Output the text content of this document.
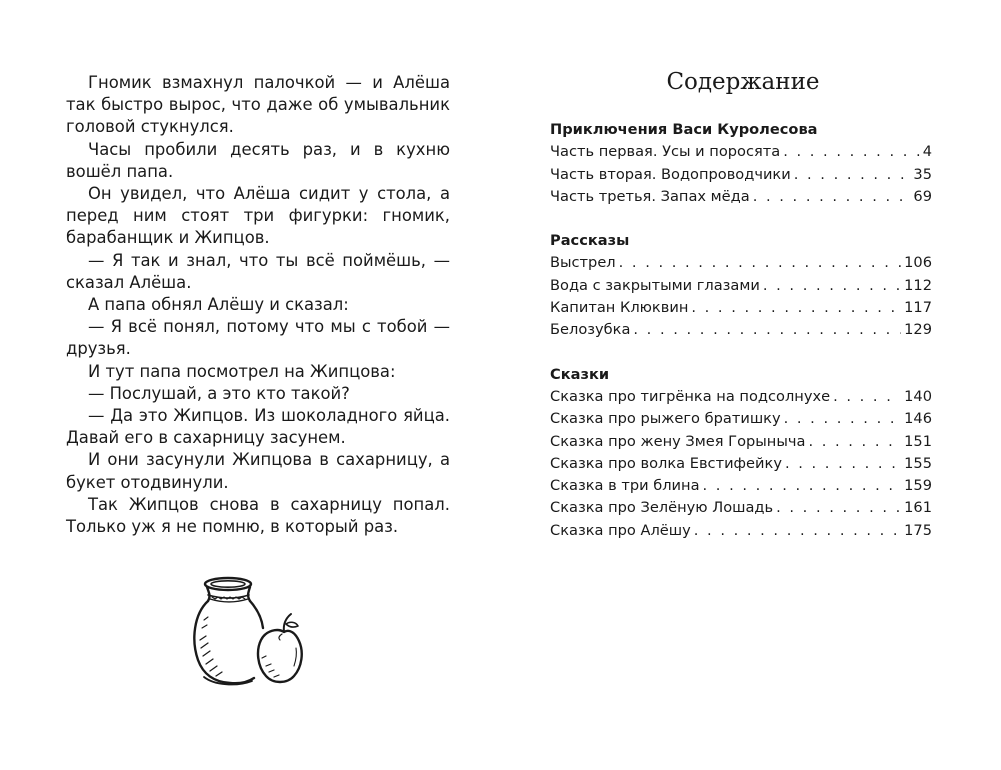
Гномик взмахнул палочкой — и Алёша так быстро вырос, что даже об умывальник головой стукнулся.

Часы пробили десять раз, и в кухню вошёл папа.

Он увидел, что Алёша сидит у стола, а перед ним стоят три фигурки: гномик, барабанщик и Жипцов.

— Я так и знал, что ты всё поймёшь, — сказал Алёша.

А папа обнял Алёшу и сказал:

— Я всё понял, потому что мы с тобой — друзья.

И тут папа посмотрел на Жипцова:

— Послушай, а это кто такой?

— Да это Жипцов. Из шоколадного яйца. Давай его в сахарницу засунем.

И они засунули Жипцова в сахарницу, а букет отодвинули.

Так Жипцов снова в сахарницу попал. Только уж я не помню, в который раз.

Содержание
Приключения Васи Куролесова
Часть первая. Усы и поросята . . .	4
Часть вторая. Водопроводчики . . .	35
Часть третья. Запах мёда . . .	69
Рассказы
Выстрел . . .	106
Вода с закрытыми глазами . . .	112
Капитан Клюквин . . .	117
Белозубка . . .	129
Сказки
Сказка про тигрёнка на подсолнухе . . .	140
Сказка про рыжего братишку . . .	146
Сказка про жену Змея Горыныча . . .	151
Сказка про волка Евстифейку . . .	155
Сказка в три блина . . .	159
Сказка про Зелёную Лошадь . . .	161
Сказка про Алёшу . . .	175
